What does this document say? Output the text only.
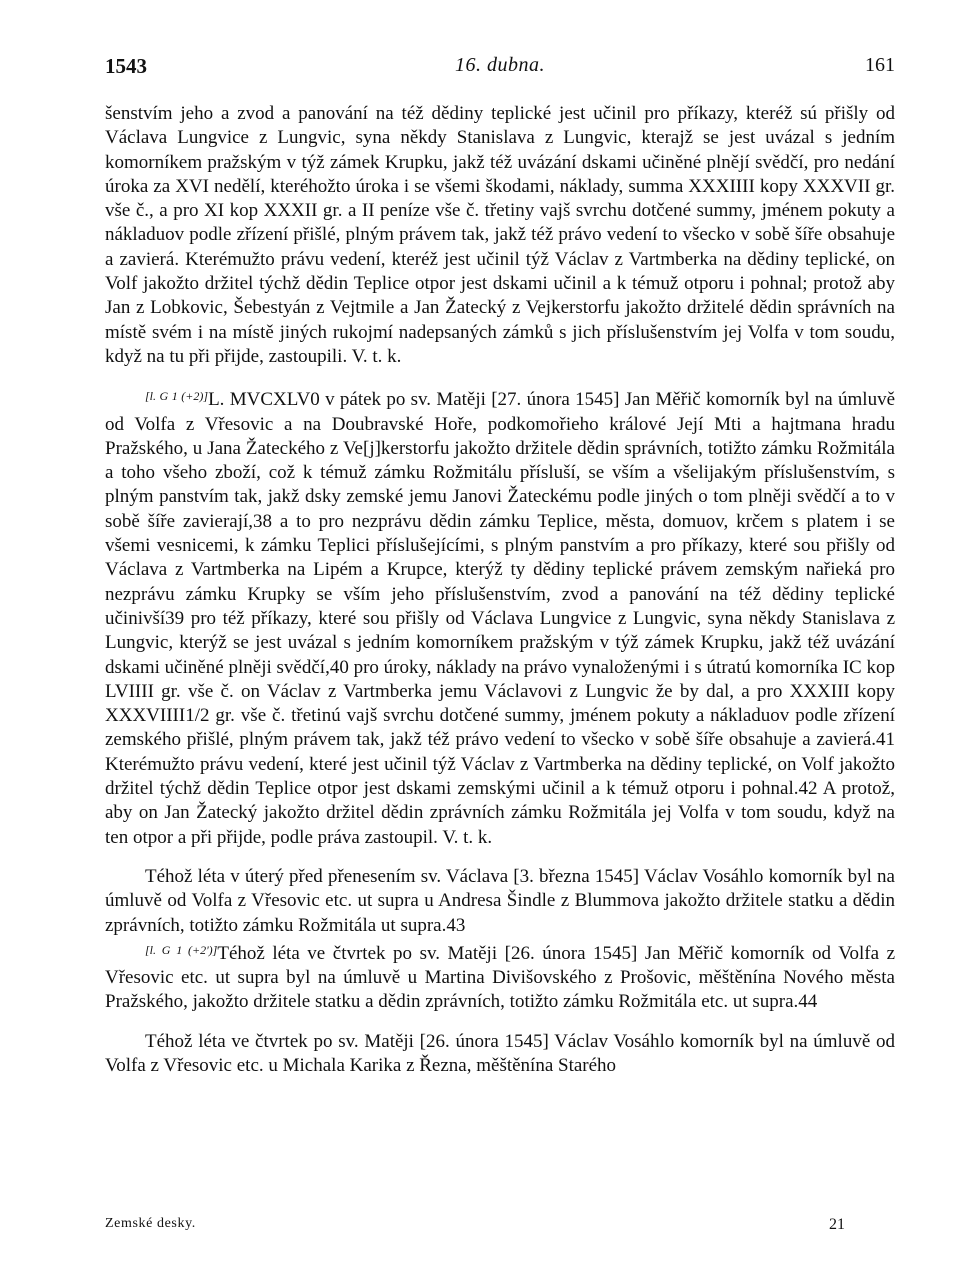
1543	16. dubna.	161

šenstvím jeho a zvod a panování na též dědiny teplické jest učinil pro příkazy, kteréž sú přišly od Václava Lungvice z Lungvic, syna někdy Stanislava z Lungvic, kterajž se jest uvázal s jedním komorníkem pražským v týž zámek Krupku, jakž též uvázání dskami učiněné plnějí svědčí, pro nedání úroka za XVI nedělí, kteréhožto úroka i se všemi škodami, náklady, summa XXXIIII kopy XXXVII gr. vše č., a pro XI kop XXXII gr. a II peníze vše č. třetiny vajš svrchu dotčené summy, jménem pokuty a nákladuov podle zřízení přišlé, plným právem tak, jakž též právo vedení to všecko v sobě šíře obsahuje a zavierá. Kterémužto právu vedení, kteréž jest učinil týž Václav z Vartmberka na dědiny teplické, on Volf jakožto držitel týchž dědin Teplice otpor jest dskami učinil a k témuž otporu i pohnal; protož aby Jan z Lobkovic, Šebestyán z Vejtmile a Jan Žatecký z Vejkerstorfu jakožto držitelé dědin správních na místě svém i na místě jiných rukojmí nadepsaných zámků s jich příslušenstvím jej Volfa v tom soudu, když na tu při přijde, zastoupili. V. t. k.

[l. G 1 (+2)]L. MVCXLV0 v pátek po sv. Matěji [27. února 1545] Jan Měřič komorník byl na úmluvě od Volfa z Vřesovic a na Doubravské Hoře, podkomořieho králové Její Mti a hajtmana hradu Pražského, u Jana Žateckého z Ve[j]kerstorfu jakožto držitele dědin správních, totižto zámku Rožmitála a toho všeho zboží, což k témuž zámku Rožmitálu přísluší, se vším a všelijakým příslušenstvím, s plným panstvím tak, jakž dsky zemské jemu Janovi Žateckému podle jiných o tom plněji svědčí a to v sobě šíře zavierají,38 a to pro nezprávu dědin zámku Teplice, města, domuov, krčem s platem i se všemi vesnicemi, k zámku Teplici příslušejícími, s plným panstvím a pro příkazy, které sou přišly od Václava z Vartmberka na Lipém a Krupce, kterýž ty dědiny teplické právem zemským nařieká pro nezprávu zámku Krupky se vším jeho příslušenstvím, zvod a panování na též dědiny teplické učinivší39 pro též příkazy, které sou přišly od Václava Lungvice z Lungvic, syna někdy Stanislava z Lungvic, kterýž se jest uvázal s jedním komorníkem pražským v týž zámek Krupku, jakž též uvázání dskami učiněné plněji svědčí,40 pro úroky, náklady na právo vynaloženými i s útratú komorníka IC kop LVIIII gr. vše č. on Václav z Vartmberka jemu Václavovi z Lungvic že by dal, a pro XXXIII kopy XXXVIIII1/2 gr. vše č. třetinú vajš svrchu dotčené summy, jménem pokuty a nákladuov podle zřízení zemského přišlé, plným právem tak, jakž též právo vedení to všecko v sobě šíře obsahuje a zavierá.41 Kterémužto právu vedení, které jest učinil týž Václav z Vartmberka na dědiny teplické, on Volf jakožto držitel týchž dědin Teplice otpor jest dskami zemskými učinil a k témuž otporu i pohnal.42 A protož, aby on Jan Žatecký jakožto držitel dědin zprávních zámku Rožmitála jej Volfa v tom soudu, když na ten otpor a při přijde, podle práva zastoupil. V. t. k.

Téhož léta v úterý před přenesením sv. Václava [3. března 1545] Václav Vosáhlo komorník byl na úmluvě od Volfa z Vřesovic etc. ut supra u Andresa Šindle z Blummova jakožto držitele statku a dědin zprávních, totižto zámku Rožmitála ut supra.43

[l. G 1 (+2')]Téhož léta ve čtvrtek po sv. Matěji [26. února 1545] Jan Měřič komorník od Volfa z Vřesovic etc. ut supra byl na úmluvě u Martina Divišovského z Prošovic, měštěnína Nového města Pražského, jakožto držitele statku a dědin zprávních, totižto zámku Rožmitála etc. ut supra.44

Téhož léta ve čtvrtek po sv. Matěji [26. února 1545] Václav Vosáhlo komorník byl na úmluvě od Volfa z Vřesovic etc. u Michala Karika z Řezna, měštěnína Starého

Zemské desky.	21
